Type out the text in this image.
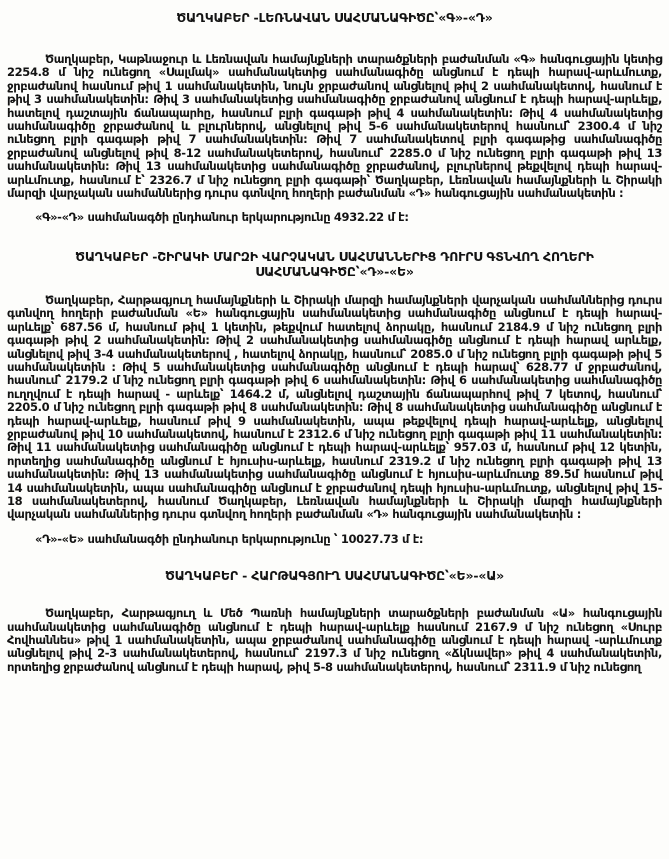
ԾԱՂԿԱԲԵՐ -ԼԵՌՆԱՎԱՆ ՍԱՀՄԱՆԱԳԻԾԸ՝«Գ»-«Դ»

Ծաղկաբեր, Կաթնաջուր և Լեռնավան համայնքների տարածքների բաժանման «Գ» հանգուցային կետից 2254.8 մ նիշ ունեցող «Սալմակ» սահմանակետից սահմանագիծը անցնում է դեպի հարավ-արևմուտք, ջրբաժանով հասնում թիվ 1 սահմանակետին, նույն ջրբաժանով անցնելով թիվ 2 սահմանակետով, հասնում է թիվ 3 սահմանակետին: Թիվ 3 սահմանակետից սահմանագիծը ջրբաժանով անցնում է դեպի հարավ-արևելք, հատելով դաշտային ճանապարհը, հասնում բլրի գագաթի թիվ 4 սահմանակետին: Թիվ 4 սահմանակետից սահմանագիծը ջրբաժանով և բլուրներով, անցնելով թիվ 5-6 սահմանակետերով հասնում՝ 2300.4 մ նիշ ունեցող բլրի գագաթի թիվ 7 սահմանակետին: Թիվ 7 սահմանակետով բլրի գագաթից սահմանագիծը ջրբաժանով անցնելով թիվ 8-12 սահմանակետերով, հասնում՝ 2285.0 մ նիշ ունեցող բլրի գագաթի թիվ 13 սահմանակետին: Թիվ 13 սահմանակետից սահմանագիծը ջրբաժանով, բլուրներով թեքվելով դեպի հարավ-արևմուտք, հասնում է՝ 2326.7 մ նիշ ունեցող բլրի գագաթի՝ Ծաղկաբեր, Լեռնավան համայնքների և Շիրակի մարզի վարչական սահմաններից դուրս գտնվող հողերի բաժանման «Դ» հանգուցային սահմանակետին :

«Գ»-«Դ» սահմանագծի ընդհանուր երկարությունը 4932.22 մ է:
ԾԱՂԿԱԲԵՐ -ՇԻՐԱԿԻ ՄԱՐԶԻ ՎԱՐՉԱԿԱՆ ՍԱՀՄԱՆՆԵՐԻՑ ԴՈՒՐՍ ԳՏՆՎՈՂ ՀՈՂԵՐԻ ՍԱՀՄԱՆԱԳԻԾԸ՝«Դ»-«Ե»

Ծաղկաբեր, Հարթագյուղ համայնքների և Շիրակի մարզի համայնքների վարչական սահմաններից դուրս գտնվող հողերի բաժանման «Ե» հանգուցային սահմանակետից սահմանագիծը անցնում է դեպի հարավ-արևելք՝ 687.56 մ, հասնում թիվ 1 կետին, թեքվում հատելով ձորակը, հասնում 2184.9 մ նիշ ունեցող բլրի գագաթի թիվ 2 սահմանակետին: Թիվ 2 սահմանակետից սահմանագիծը անցնում է դեպի հարավ արևելք, անցնելով թիվ 3-4 սահմանակետերով , հատելով ձորակը, հասնում՝ 2085.0 մ նիշ ունեցող բլրի գագաթի թիվ 5 սահմանակետին : Թիվ 5 սահմանակետից սահմանագիծը անցնում է դեպի հարավ՝ 628.77 մ ջրբաժանով, հասնում՝ 2179.2 մ նիշ ունեցող բլրի գագաթի թիվ 6 սահմանակետին: Թիվ 6 սահմանակետից սահմանագիծը ուղղվում է դեպի հարավ - արևելք՝ 1464.2 մ, անցնելով դաշտային ճանապարհով թիվ 7 կետով, հասնում՝ 2205.0 մ նիշ ունեցող բլրի գագաթի թիվ 8 սահմանակետին: Թիվ 8 սահմանակետից սահմանագիծը անցնում է դեպի հարավ-արևելք, հասնում թիվ 9 սահմանակետին, ապա թեքվելով դեպի հարավ-արևելք, անցնելով ջրբաժանով թիվ 10 սահմանակետով, հասնում է 2312.6 մ նիշ ունեցող բլրի գագաթի թիվ 11 սահմանակետին: Թիվ 11 սահմանակետից սահմանագիծը անցնում է դեպի հարավ-արևելք՝ 957.03 մ, հասնում թիվ 12 կետին, որտեղից սահմանագիծը անցնում է հյուսիս-արևելք, հասնում 2319.2 մ նիշ ունեցող բլրի գագաթի թիվ 13 սահմանակետին: Թիվ 13 սահմանակետից սահմանագիծը անցնում է հյուսիս-արևմուտք 89.5մ հասնում թիվ 14 սահմանակետին, ապա սահմանագիծը անցնում է ջրբաժանով դեպի հյուսիս-արևմուտք, անցնելով թիվ 15-18 սահմանակետերով, հասնում Ծաղկաբեր, Լեռնավան համայնքների և Շիրակի մարզի համայնքների վարչական սահմաններից դուրս գտնվող հողերի բաժանման «Դ» հանգուցային սահմանակետին :

«Դ»-«Ե» սահմանագծի ընդհանուր երկարությունը ՝ 10027.73 մ է:
ԾԱՂԿԱԲԵՐ - ՀԱՐԹԱԳՅՈՒՂ ՍԱՀՄԱՆԱԳԻԾԸ՝«Ե»-«Ա»

Ծաղկաբեր, Հարթագյուղ և Մեծ Պառնի համայնքների տարածքների բաժանման «Ա» հանգուցային սահմանակետից սահմանագիծը անցնում է դեպի հարավ-արևելք հասնում 2167.9 մ նիշ ունեցող «Սուրբ Հովհաննես» թիվ 1 սահմանակետին, ապա ջրբաժանով սահմանագիծը անցնում է դեպի հարավ -արևմուտք անցնելով թիվ 2-3 սահմանակետերով, հասնում՝ 2197.3 մ նիշ ունեցող «Ճկնավեր» թիվ 4 սահմանակետին, որտեղից ջրբաժանով անցնում է դեպի հարավ, թիվ 5-8 սահմանակետերով, հասնում՝ 2311.9 մ նիշ ունեցող
